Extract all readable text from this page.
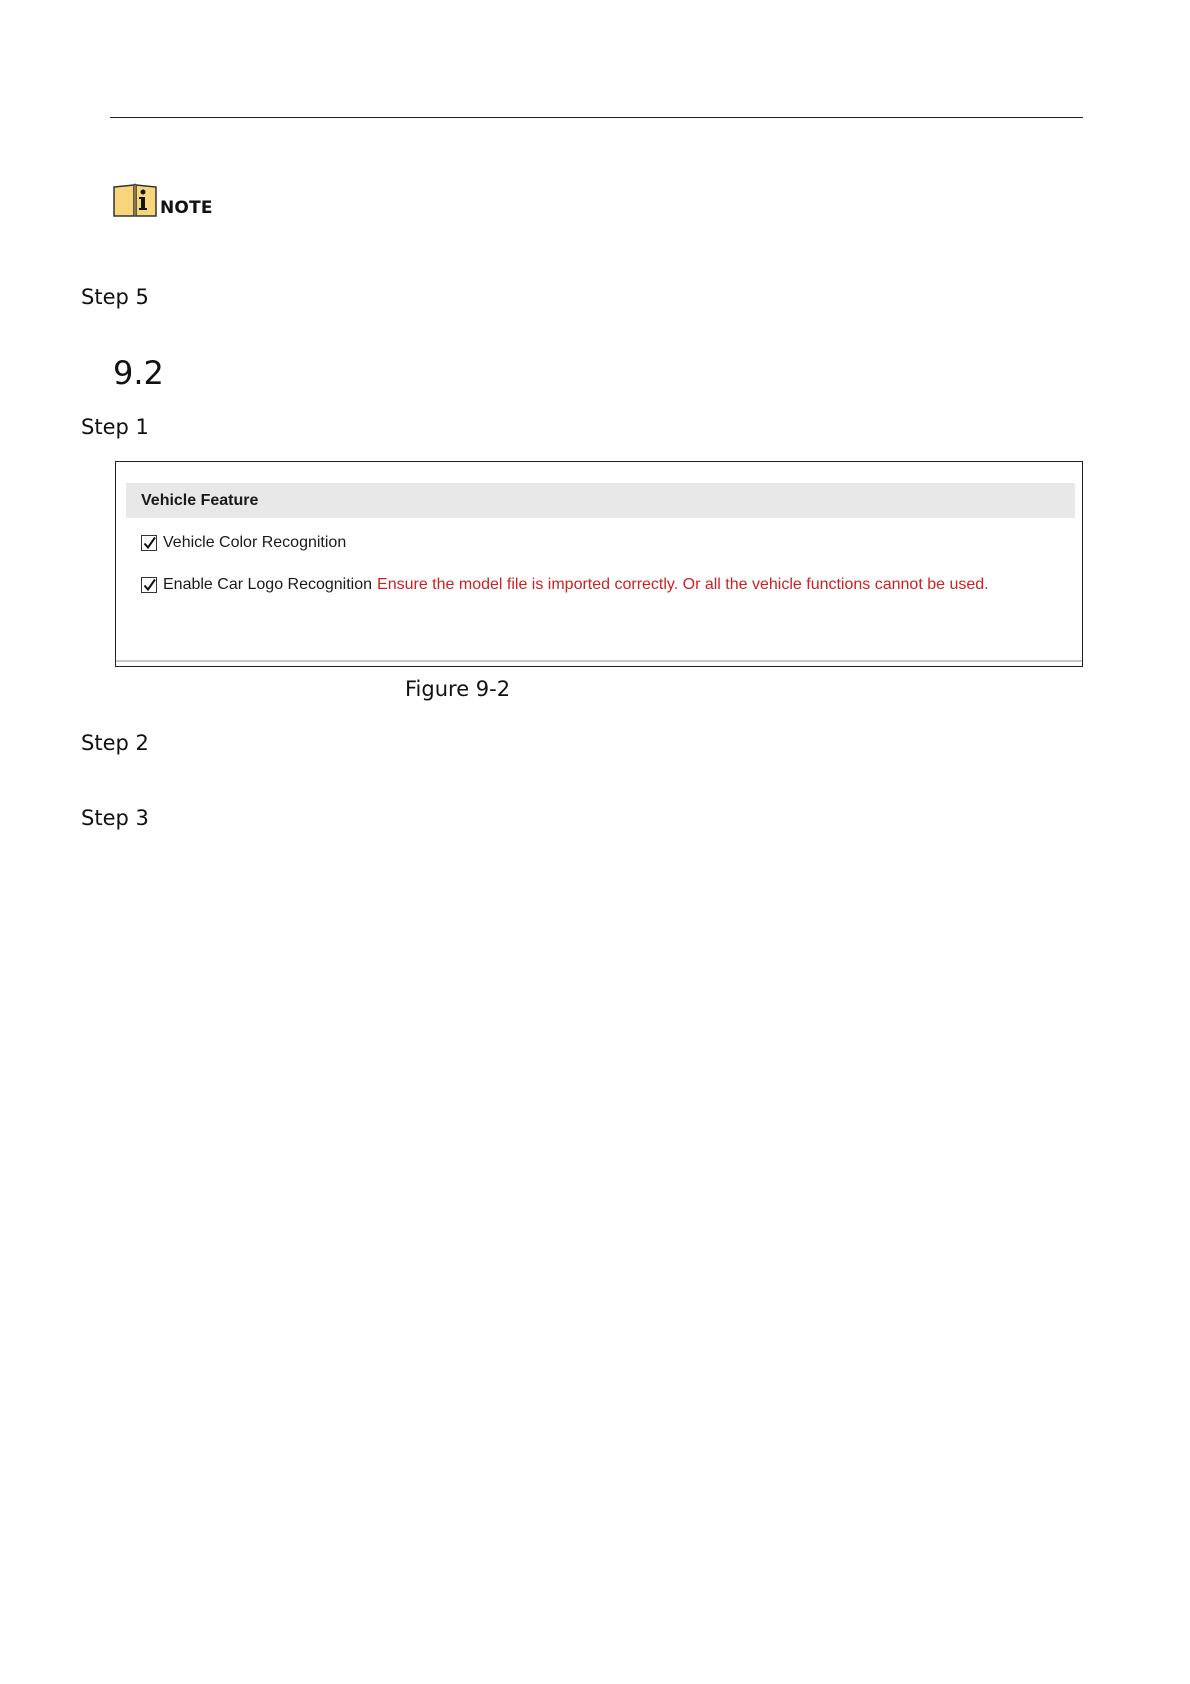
NOTE
Step 5
9.2
Step 1
Vehicle Feature
Vehicle Color Recognition
Enable Car Logo Recognition Ensure the model file is imported correctly. Or all the vehicle functions cannot be used.
Figure 9-2
Step 2
Step 3
